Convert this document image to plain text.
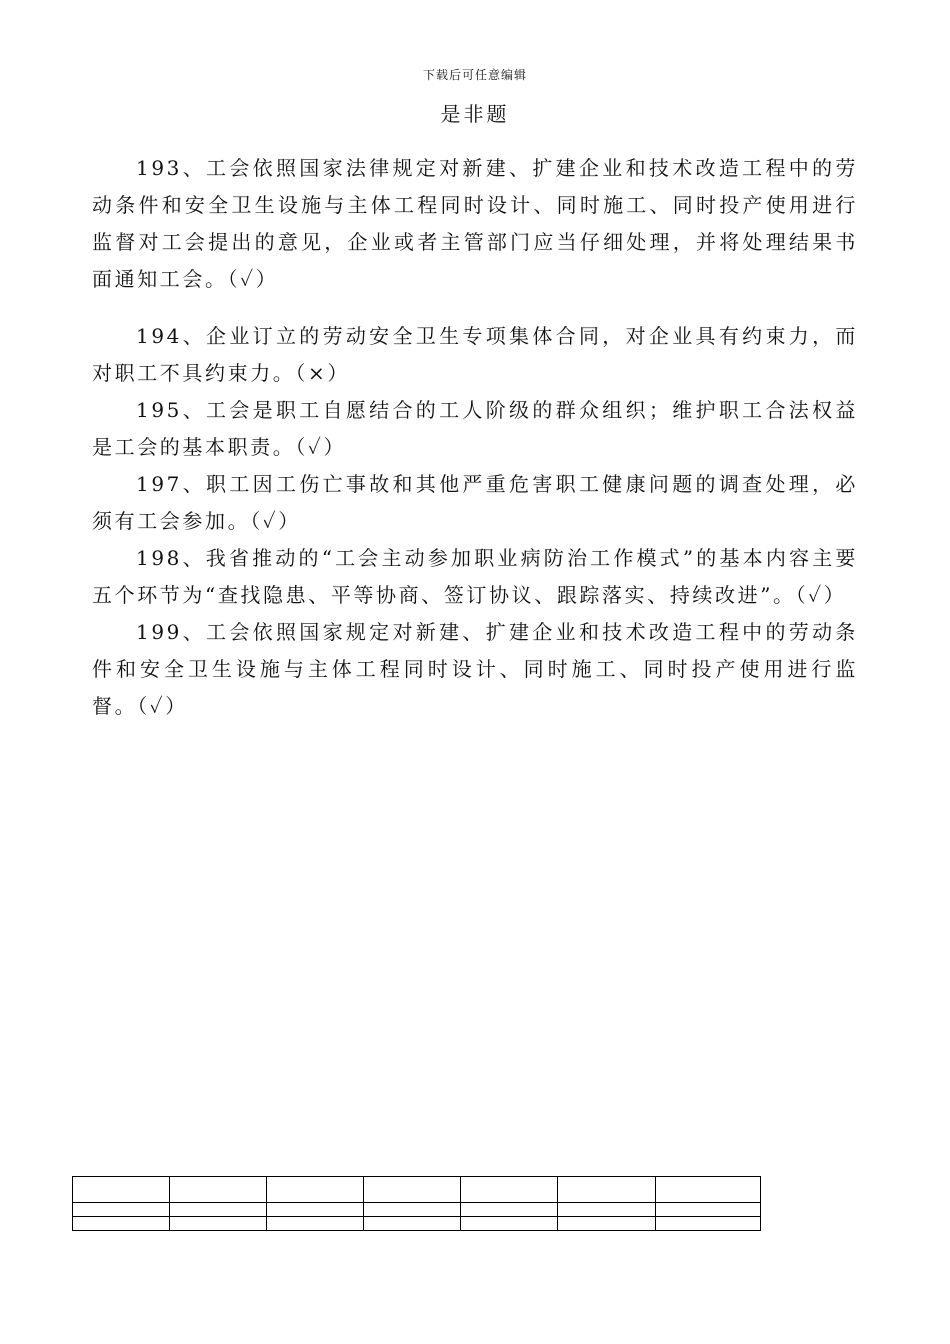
下载后可任意编辑
是非题

193、工会依照国家法律规定对新建、扩建企业和技术改造工程中的劳动条件和安全卫生设施与主体工程同时设计、同时施工、同时投产使用进行监督对工会提出的意见，企业或者主管部门应当仔细处理，并将处理结果书面通知工会。（✓）

194、企业订立的劳动安全卫生专项集体合同，对企业具有约束力，而对职工不具约束力。（×）

195、工会是职工自愿结合的工人阶级的群众组织；维护职工合法权益是工会的基本职责。（✓）

197、职工因工伤亡事故和其他严重危害职工健康问题的调查处理，必须有工会参加。（✓）

198、我省推动的“工会主动参加职业病防治工作模式”的基本内容主要五个环节为“查找隐患、平等协商、签订协议、跟踪落实、持续改进”。（✓）

199、工会依照国家规定对新建、扩建企业和技术改造工程中的劳动条件和安全卫生设施与主体工程同时设计、同时施工、同时投产使用进行监督。（✓）
